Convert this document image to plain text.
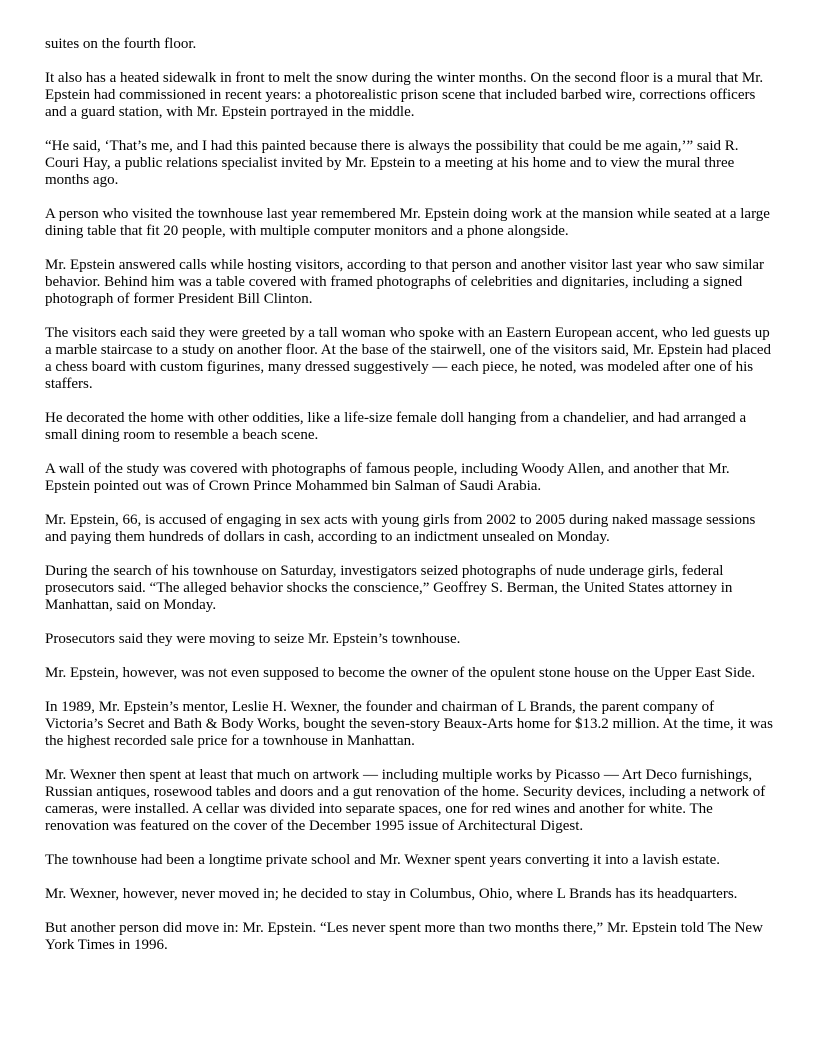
suites on the fourth floor.

It also has a heated sidewalk in front to melt the snow during the winter months. On the second floor is a mural that Mr. Epstein had commissioned in recent years: a photorealistic prison scene that included barbed wire, corrections officers and a guard station, with Mr. Epstein portrayed in the middle.

“He said, ‘That’s me, and I had this painted because there is always the possibility that could be me again,’” said R. Couri Hay, a public relations specialist invited by Mr. Epstein to a meeting at his home and to view the mural three months ago.

A person who visited the townhouse last year remembered Mr. Epstein doing work at the mansion while seated at a large dining table that fit 20 people, with multiple computer monitors and a phone alongside.

Mr. Epstein answered calls while hosting visitors, according to that person and another visitor last year who saw similar behavior. Behind him was a table covered with framed photographs of celebrities and dignitaries, including a signed photograph of former President Bill Clinton.

The visitors each said they were greeted by a tall woman who spoke with an Eastern European accent, who led guests up a marble staircase to a study on another floor. At the base of the stairwell, one of the visitors said, Mr. Epstein had placed a chess board with custom figurines, many dressed suggestively — each piece, he noted, was modeled after one of his staffers.

He decorated the home with other oddities, like a life-size female doll hanging from a chandelier, and had arranged a small dining room to resemble a beach scene.

A wall of the study was covered with photographs of famous people, including Woody Allen, and another that Mr. Epstein pointed out was of Crown Prince Mohammed bin Salman of Saudi Arabia.

Mr. Epstein, 66, is accused of engaging in sex acts with young girls from 2002 to 2005 during naked massage sessions and paying them hundreds of dollars in cash, according to an indictment unsealed on Monday.

During the search of his townhouse on Saturday, investigators seized photographs of nude underage girls, federal prosecutors said. “The alleged behavior shocks the conscience,” Geoffrey S. Berman, the United States attorney in Manhattan, said on Monday.

Prosecutors said they were moving to seize Mr. Epstein’s townhouse.

Mr. Epstein, however, was not even supposed to become the owner of the opulent stone house on the Upper East Side.

In 1989, Mr. Epstein’s mentor, Leslie H. Wexner, the founder and chairman of L Brands, the parent company of Victoria’s Secret and Bath & Body Works, bought the seven-story Beaux-Arts home for $13.2 million. At the time, it was the highest recorded sale price for a townhouse in Manhattan.

Mr. Wexner then spent at least that much on artwork — including multiple works by Picasso — Art Deco furnishings, Russian antiques, rosewood tables and doors and a gut renovation of the home. Security devices, including a network of cameras, were installed. A cellar was divided into separate spaces, one for red wines and another for white. The renovation was featured on the cover of the December 1995 issue of Architectural Digest.

The townhouse had been a longtime private school and Mr. Wexner spent years converting it into a lavish estate.

Mr. Wexner, however, never moved in; he decided to stay in Columbus, Ohio, where L Brands has its headquarters.

But another person did move in: Mr. Epstein. “Les never spent more than two months there,” Mr. Epstein told The New York Times in 1996.
